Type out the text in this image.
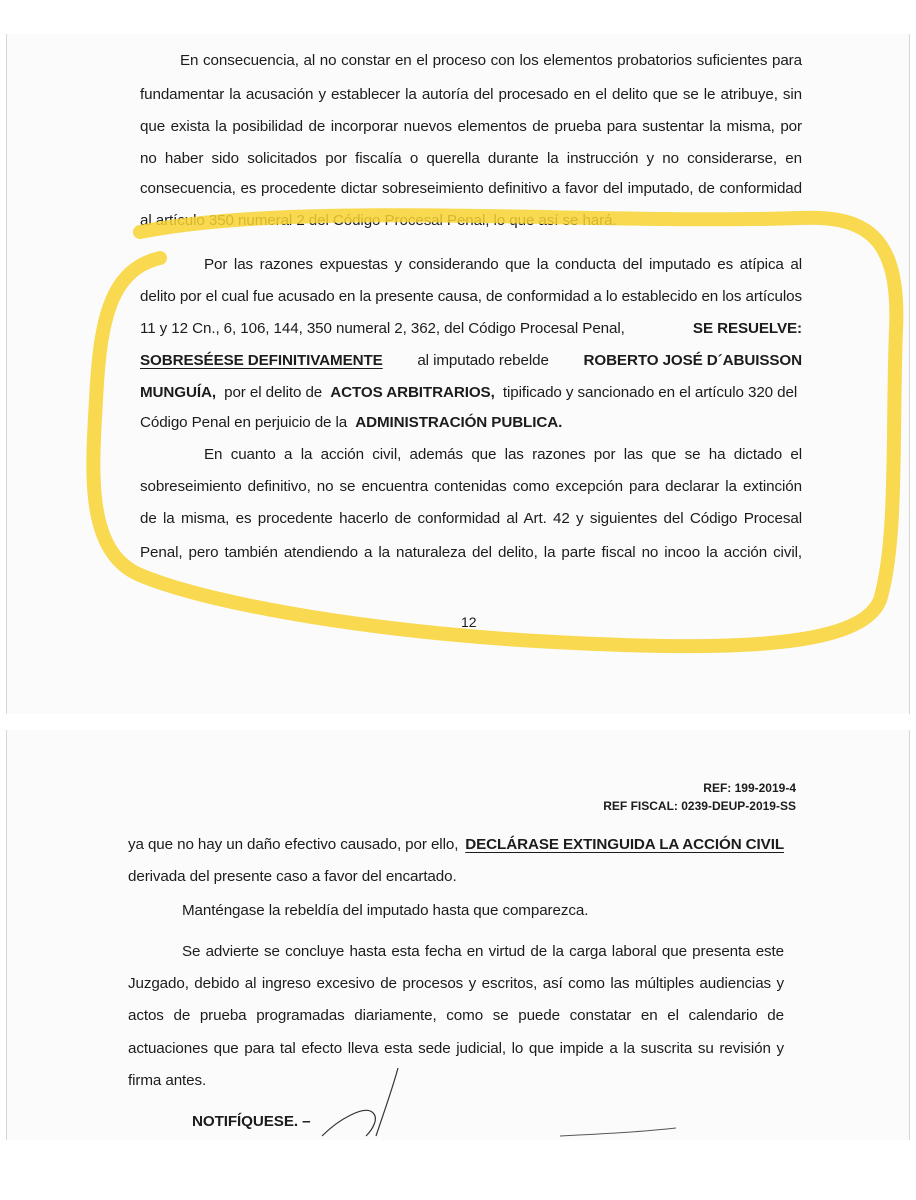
En consecuencia, al no constar en el proceso con los elementos probatorios suficientes para
fundamentar la acusación y establecer la autoría del procesado en el delito que se le atribuye, sin
que exista la posibilidad de incorporar nuevos elementos de prueba para sustentar la misma, por
no haber sido solicitados por fiscalía o querella durante la instrucción y no considerarse, en
consecuencia, es procedente dictar sobreseimiento definitivo a favor del imputado, de conformidad
al artículo 350 numeral 2 del Código Procesal Penal, lo que así se hará.
Por las razones expuestas y considerando que la conducta del imputado es atípica al
delito por el cual fue acusado en la presente causa, de conformidad a lo establecido en los artículos
11 y 12 Cn., 6, 106, 144, 350 numeral 2, 362, del Código Procesal Penal,	SE RESUELVE:
SOBRESÉESE DEFINITIVAMENTE al imputado rebelde ROBERTO JOSÉ D´ABUISSON
MUNGUÍA, por el delito de ACTOS ARBITRARIOS, tipificado y sancionado en el artículo 320 del
Código Penal en perjuicio de la ADMINISTRACIÓN PUBLICA.
En cuanto a la acción civil, además que las razones por las que se ha dictado el
sobreseimiento definitivo, no se encuentra contenidas como excepción para declarar la extinción
de la misma, es procedente hacerlo de conformidad al Art. 42 y siguientes del Código Procesal
Penal, pero también atendiendo a la naturaleza del delito, la parte fiscal no incoo la acción civil,
12
REF: 199-2019-4
REF FISCAL: 0239-DEUP-2019-SS
ya que no hay un daño efectivo causado, por ello, DECLÁRASE EXTINGUIDA LA ACCIÓN CIVIL
derivada del presente caso a favor del encartado.
Manténgase la rebeldía del imputado hasta que comparezca.
Se advierte se concluye hasta esta fecha en virtud de la carga laboral que presenta este
Juzgado, debido al ingreso excesivo de procesos y escritos, así como las múltiples audiencias y
actos de prueba programadas diariamente, como se puede constatar en el calendario de
actuaciones que para tal efecto lleva esta sede judicial, lo que impide a la suscrita su revisión y
firma antes.
NOTIFÍQUESE. –
